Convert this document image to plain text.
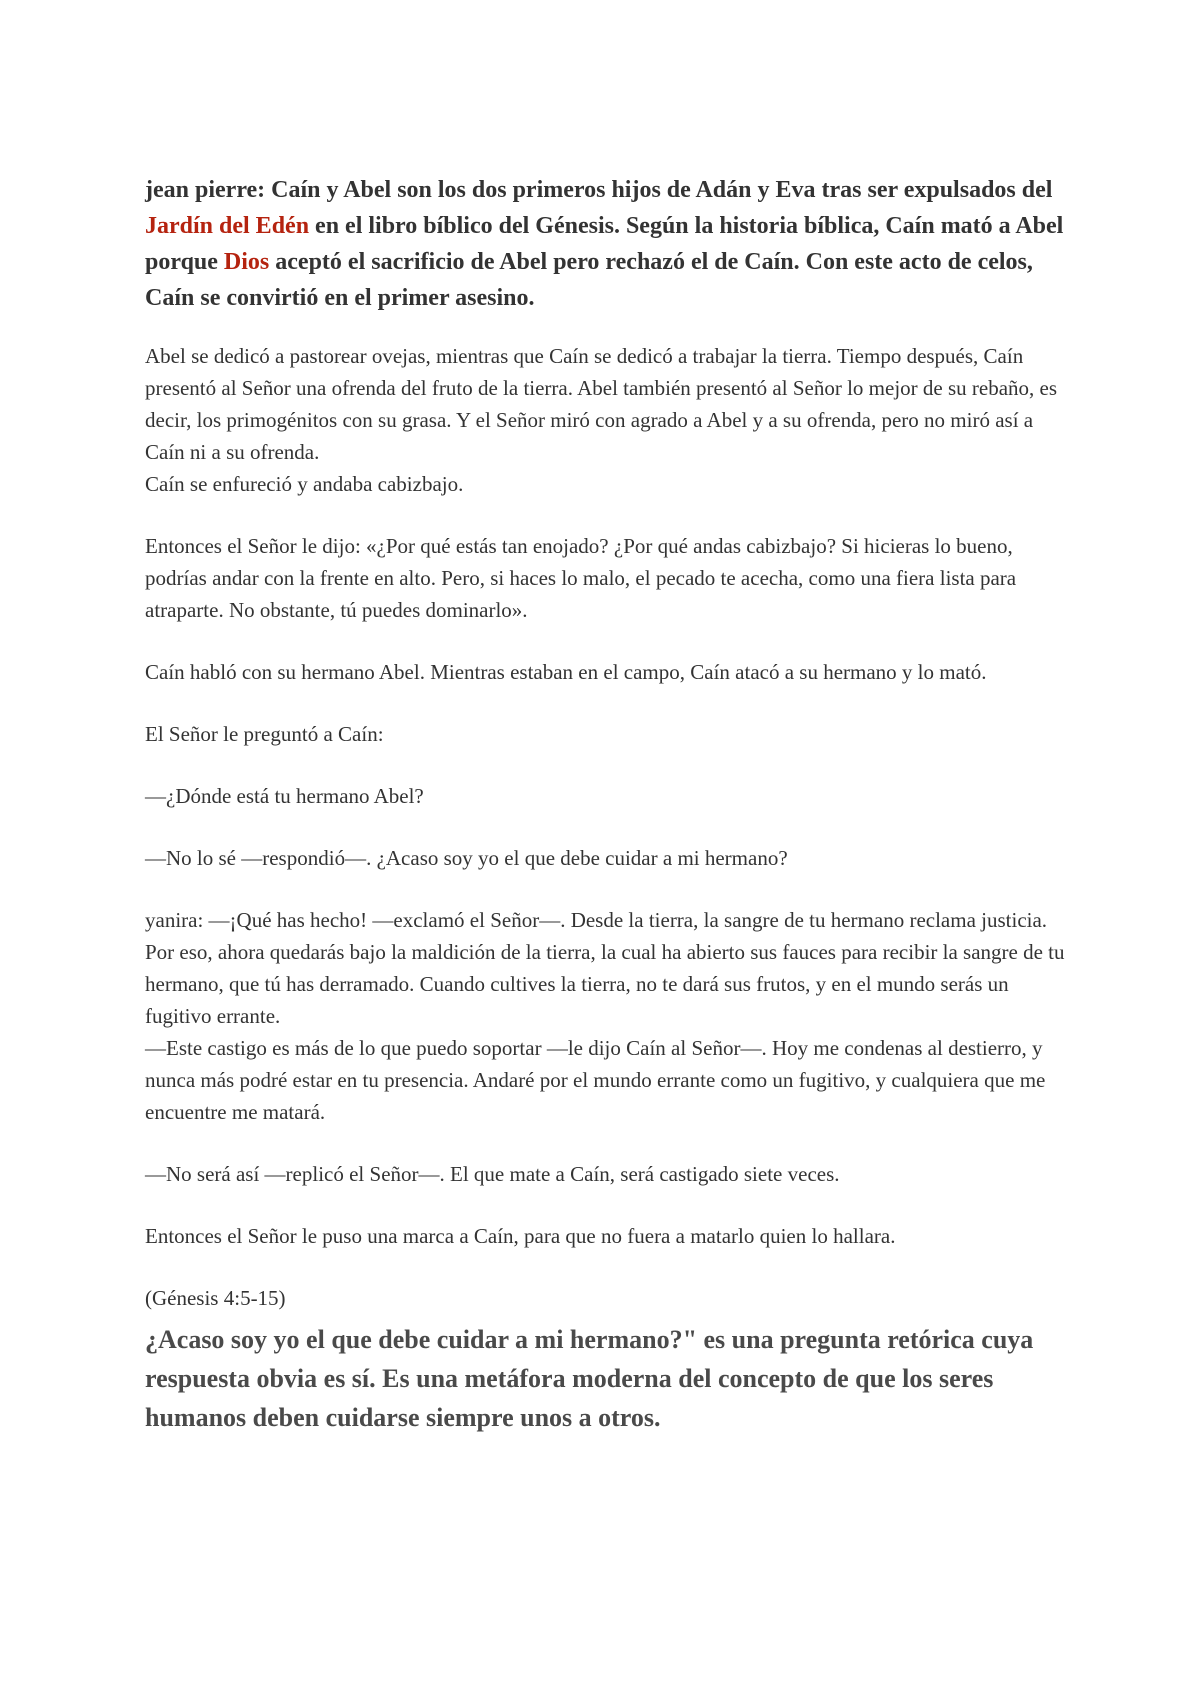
jean pierre: Caín y Abel son los dos primeros hijos de Adán y Eva tras ser expulsados del Jardín del Edén en el libro bíblico del Génesis. Según la historia bíblica, Caín mató a Abel porque Dios aceptó el sacrificio de Abel pero rechazó el de Caín. Con este acto de celos, Caín se convirtió en el primer asesino.

Abel se dedicó a pastorear ovejas, mientras que Caín se dedicó a trabajar la tierra. Tiempo después, Caín presentó al Señor una ofrenda del fruto de la tierra. Abel también presentó al Señor lo mejor de su rebaño, es decir, los primogénitos con su grasa. Y el Señor miró con agrado a Abel y a su ofrenda, pero no miró así a Caín ni a su ofrenda.
Caín se enfureció y andaba cabizbajo.

Entonces el Señor le dijo: «¿Por qué estás tan enojado? ¿Por qué andas cabizbajo? Si hicieras lo bueno, podrías andar con la frente en alto. Pero, si haces lo malo, el pecado te acecha, como una fiera lista para atraparte. No obstante, tú puedes dominarlo».

Caín habló con su hermano Abel. Mientras estaban en el campo, Caín atacó a su hermano y lo mató.

El Señor le preguntó a Caín:

—¿Dónde está tu hermano Abel?

—No lo sé —respondió—. ¿Acaso soy yo el que debe cuidar a mi hermano?

yanira: —¡Qué has hecho! —exclamó el Señor—. Desde la tierra, la sangre de tu hermano reclama justicia. Por eso, ahora quedarás bajo la maldición de la tierra, la cual ha abierto sus fauces para recibir la sangre de tu hermano, que tú has derramado. Cuando cultives la tierra, no te dará sus frutos, y en el mundo serás un fugitivo errante.
—Este castigo es más de lo que puedo soportar —le dijo Caín al Señor—. Hoy me condenas al destierro, y nunca más podré estar en tu presencia. Andaré por el mundo errante como un fugitivo, y cualquiera que me encuentre me matará.

—No será así —replicó el Señor—. El que mate a Caín, será castigado siete veces.

Entonces el Señor le puso una marca a Caín, para que no fuera a matarlo quien lo hallara.

(Génesis 4:5-15)

¿Acaso soy yo el que debe cuidar a mi hermano?" es una pregunta retórica cuya respuesta obvia es sí. Es una metáfora moderna del concepto de que los seres humanos deben cuidarse siempre unos a otros.
